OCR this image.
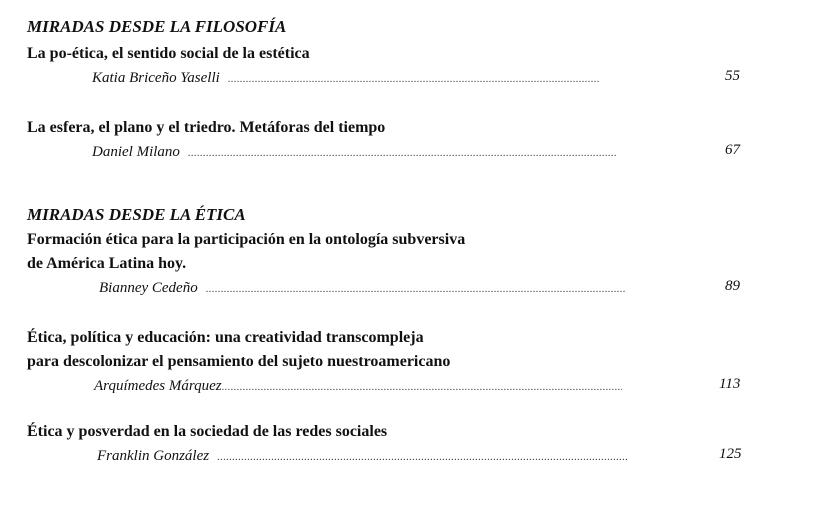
MIRADAS DESDE LA FILOSOFÍA
La po-ética, el sentido social de la estética
Katia Briceño Yaselli .....	55
La esfera, el plano y el triedro. Metáforas del tiempo
Daniel Milano .....	67
MIRADAS DESDE LA ÉTICA
Formación ética para la participación en la ontología subversiva
de América Latina hoy.
Bianney Cedeño .....	89
Ética, política y educación: una creatividad transcompleja
para descolonizar el pensamiento del sujeto nuestroamericano
Arquímedes Márquez .....	113
Ética y posverdad en la sociedad de las redes sociales
Franklin González .....	125
